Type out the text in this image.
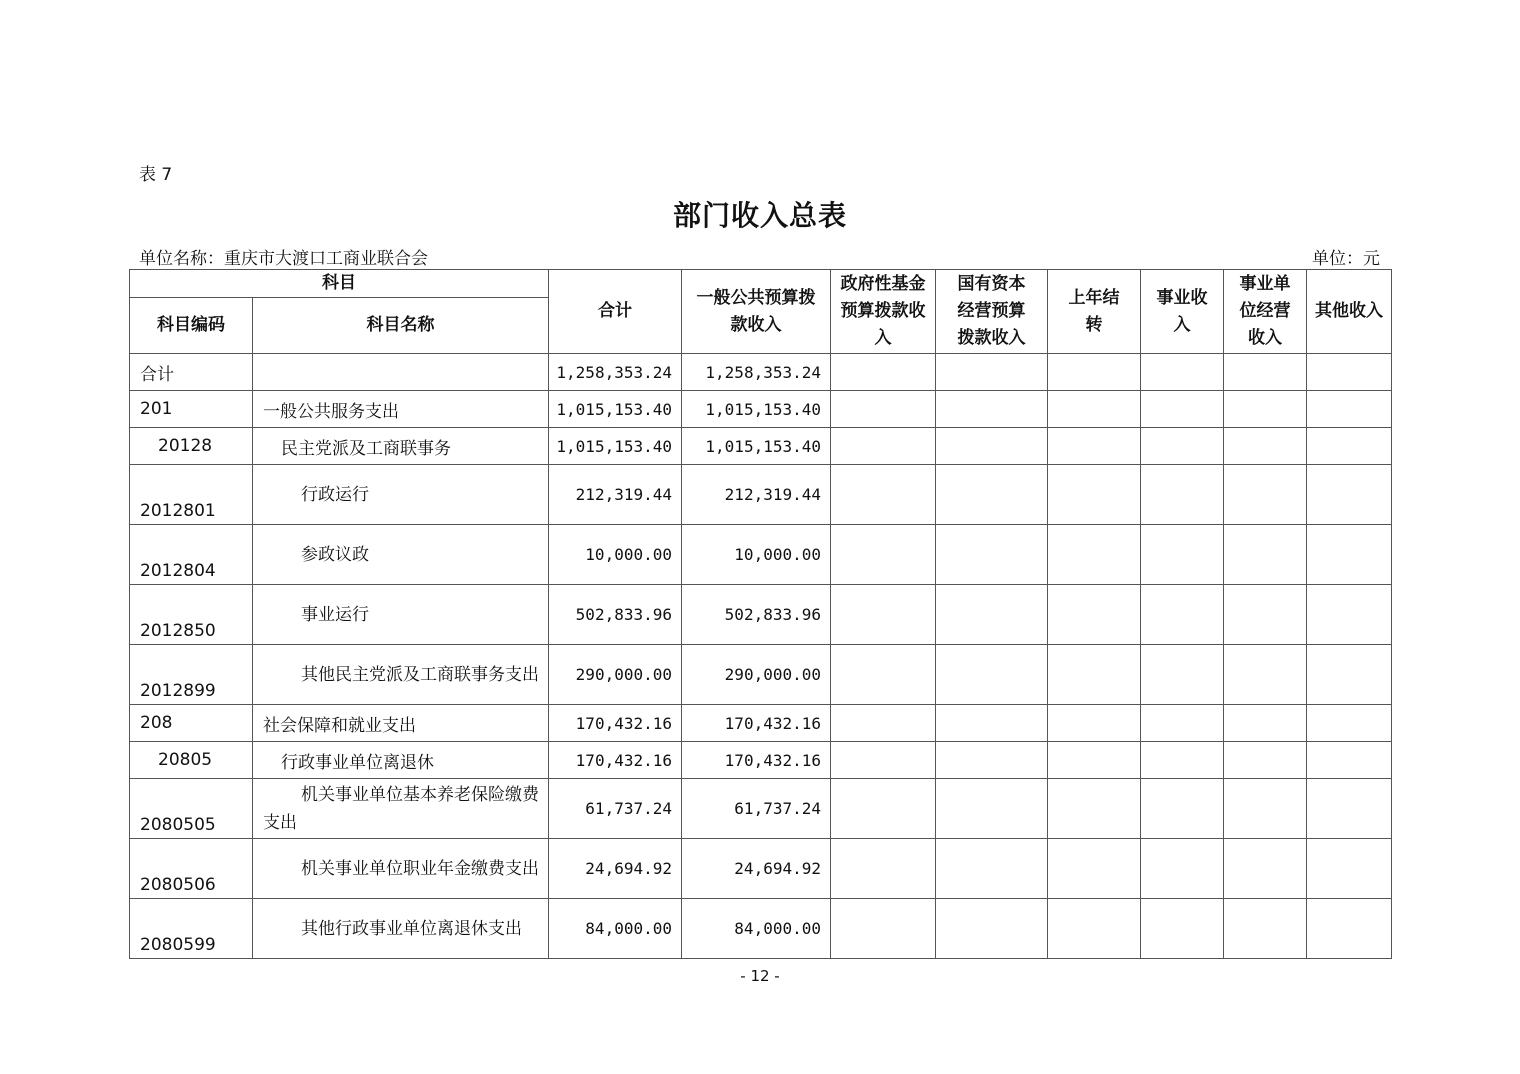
表 7
部门收入总表
单位名称：重庆市大渡口工商业联合会	单位：元
科目		合计	一般公共预算拨款收入	政府性基金预算拨款收入	国有资本经营预算拨款收入	上年结转	事业收入	事业单位经营收入	其他收入
科目编码	科目名称								
合计		1,258,353.24	1,258,353.24						
201	一般公共服务支出	1,015,153.40	1,015,153.40						
20128	民主党派及工商联事务	1,015,153.40	1,015,153.40						
2012801	行政运行	212,319.44	212,319.44						
2012804	参政议政	10,000.00	10,000.00						
2012850	事业运行	502,833.96	502,833.96						
2012899	其他民主党派及工商联事务支出	290,000.00	290,000.00						
208	社会保障和就业支出	170,432.16	170,432.16						
20805	行政事业单位离退休	170,432.16	170,432.16						
2080505	机关事业单位基本养老保险缴费支出	61,737.24	61,737.24						
2080506	机关事业单位职业年金缴费支出	24,694.92	24,694.92						
2080599	其他行政事业单位离退休支出	84,000.00	84,000.00						
- 12 -
